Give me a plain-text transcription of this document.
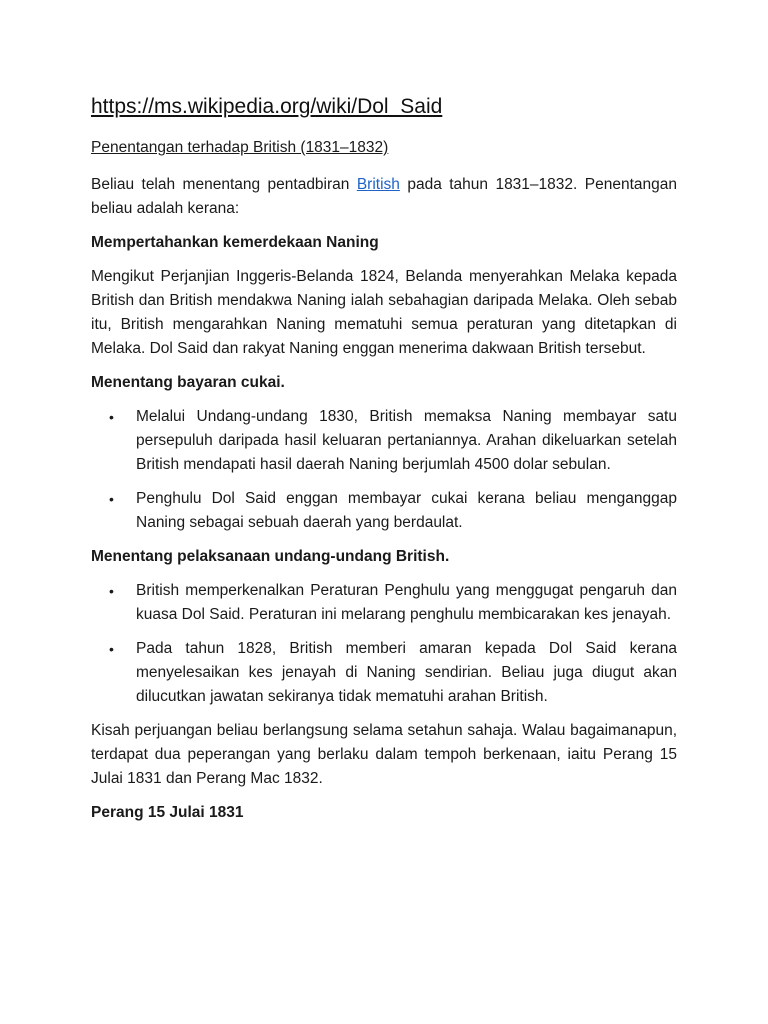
https://ms.wikipedia.org/wiki/Dol_Said
Penentangan terhadap British (1831–1832)

Beliau telah menentang pentadbiran British pada tahun 1831–1832. Penentangan beliau adalah kerana:

Mempertahankan kemerdekaan Naning

Mengikut Perjanjian Inggeris-Belanda 1824, Belanda menyerahkan Melaka kepada British dan British mendakwa Naning ialah sebahagian daripada Melaka. Oleh sebab itu, British mengarahkan Naning mematuhi semua peraturan yang ditetapkan di Melaka. Dol Said dan rakyat Naning enggan menerima dakwaan British tersebut.

Menentang bayaran cukai.
• Melalui Undang-undang 1830, British memaksa Naning membayar satu persepuluh daripada hasil keluaran pertaniannya. Arahan dikeluarkan setelah British mendapati hasil daerah Naning berjumlah 4500 dolar sebulan.
• Penghulu Dol Said enggan membayar cukai kerana beliau menganggap Naning sebagai sebuah daerah yang berdaulat.
Menentang pelaksanaan undang-undang British.
• British memperkenalkan Peraturan Penghulu yang menggugat pengaruh dan kuasa Dol Said. Peraturan ini melarang penghulu membicarakan kes jenayah.
• Pada tahun 1828, British memberi amaran kepada Dol Said kerana menyelesaikan kes jenayah di Naning sendirian. Beliau juga diugut akan dilucutkan jawatan sekiranya tidak mematuhi arahan British.

Kisah perjuangan beliau berlangsung selama setahun sahaja. Walau bagaimanapun, terdapat dua peperangan yang berlaku dalam tempoh berkenaan, iaitu Perang 15 Julai 1831 dan Perang Mac 1832.

Perang 15 Julai 1831
